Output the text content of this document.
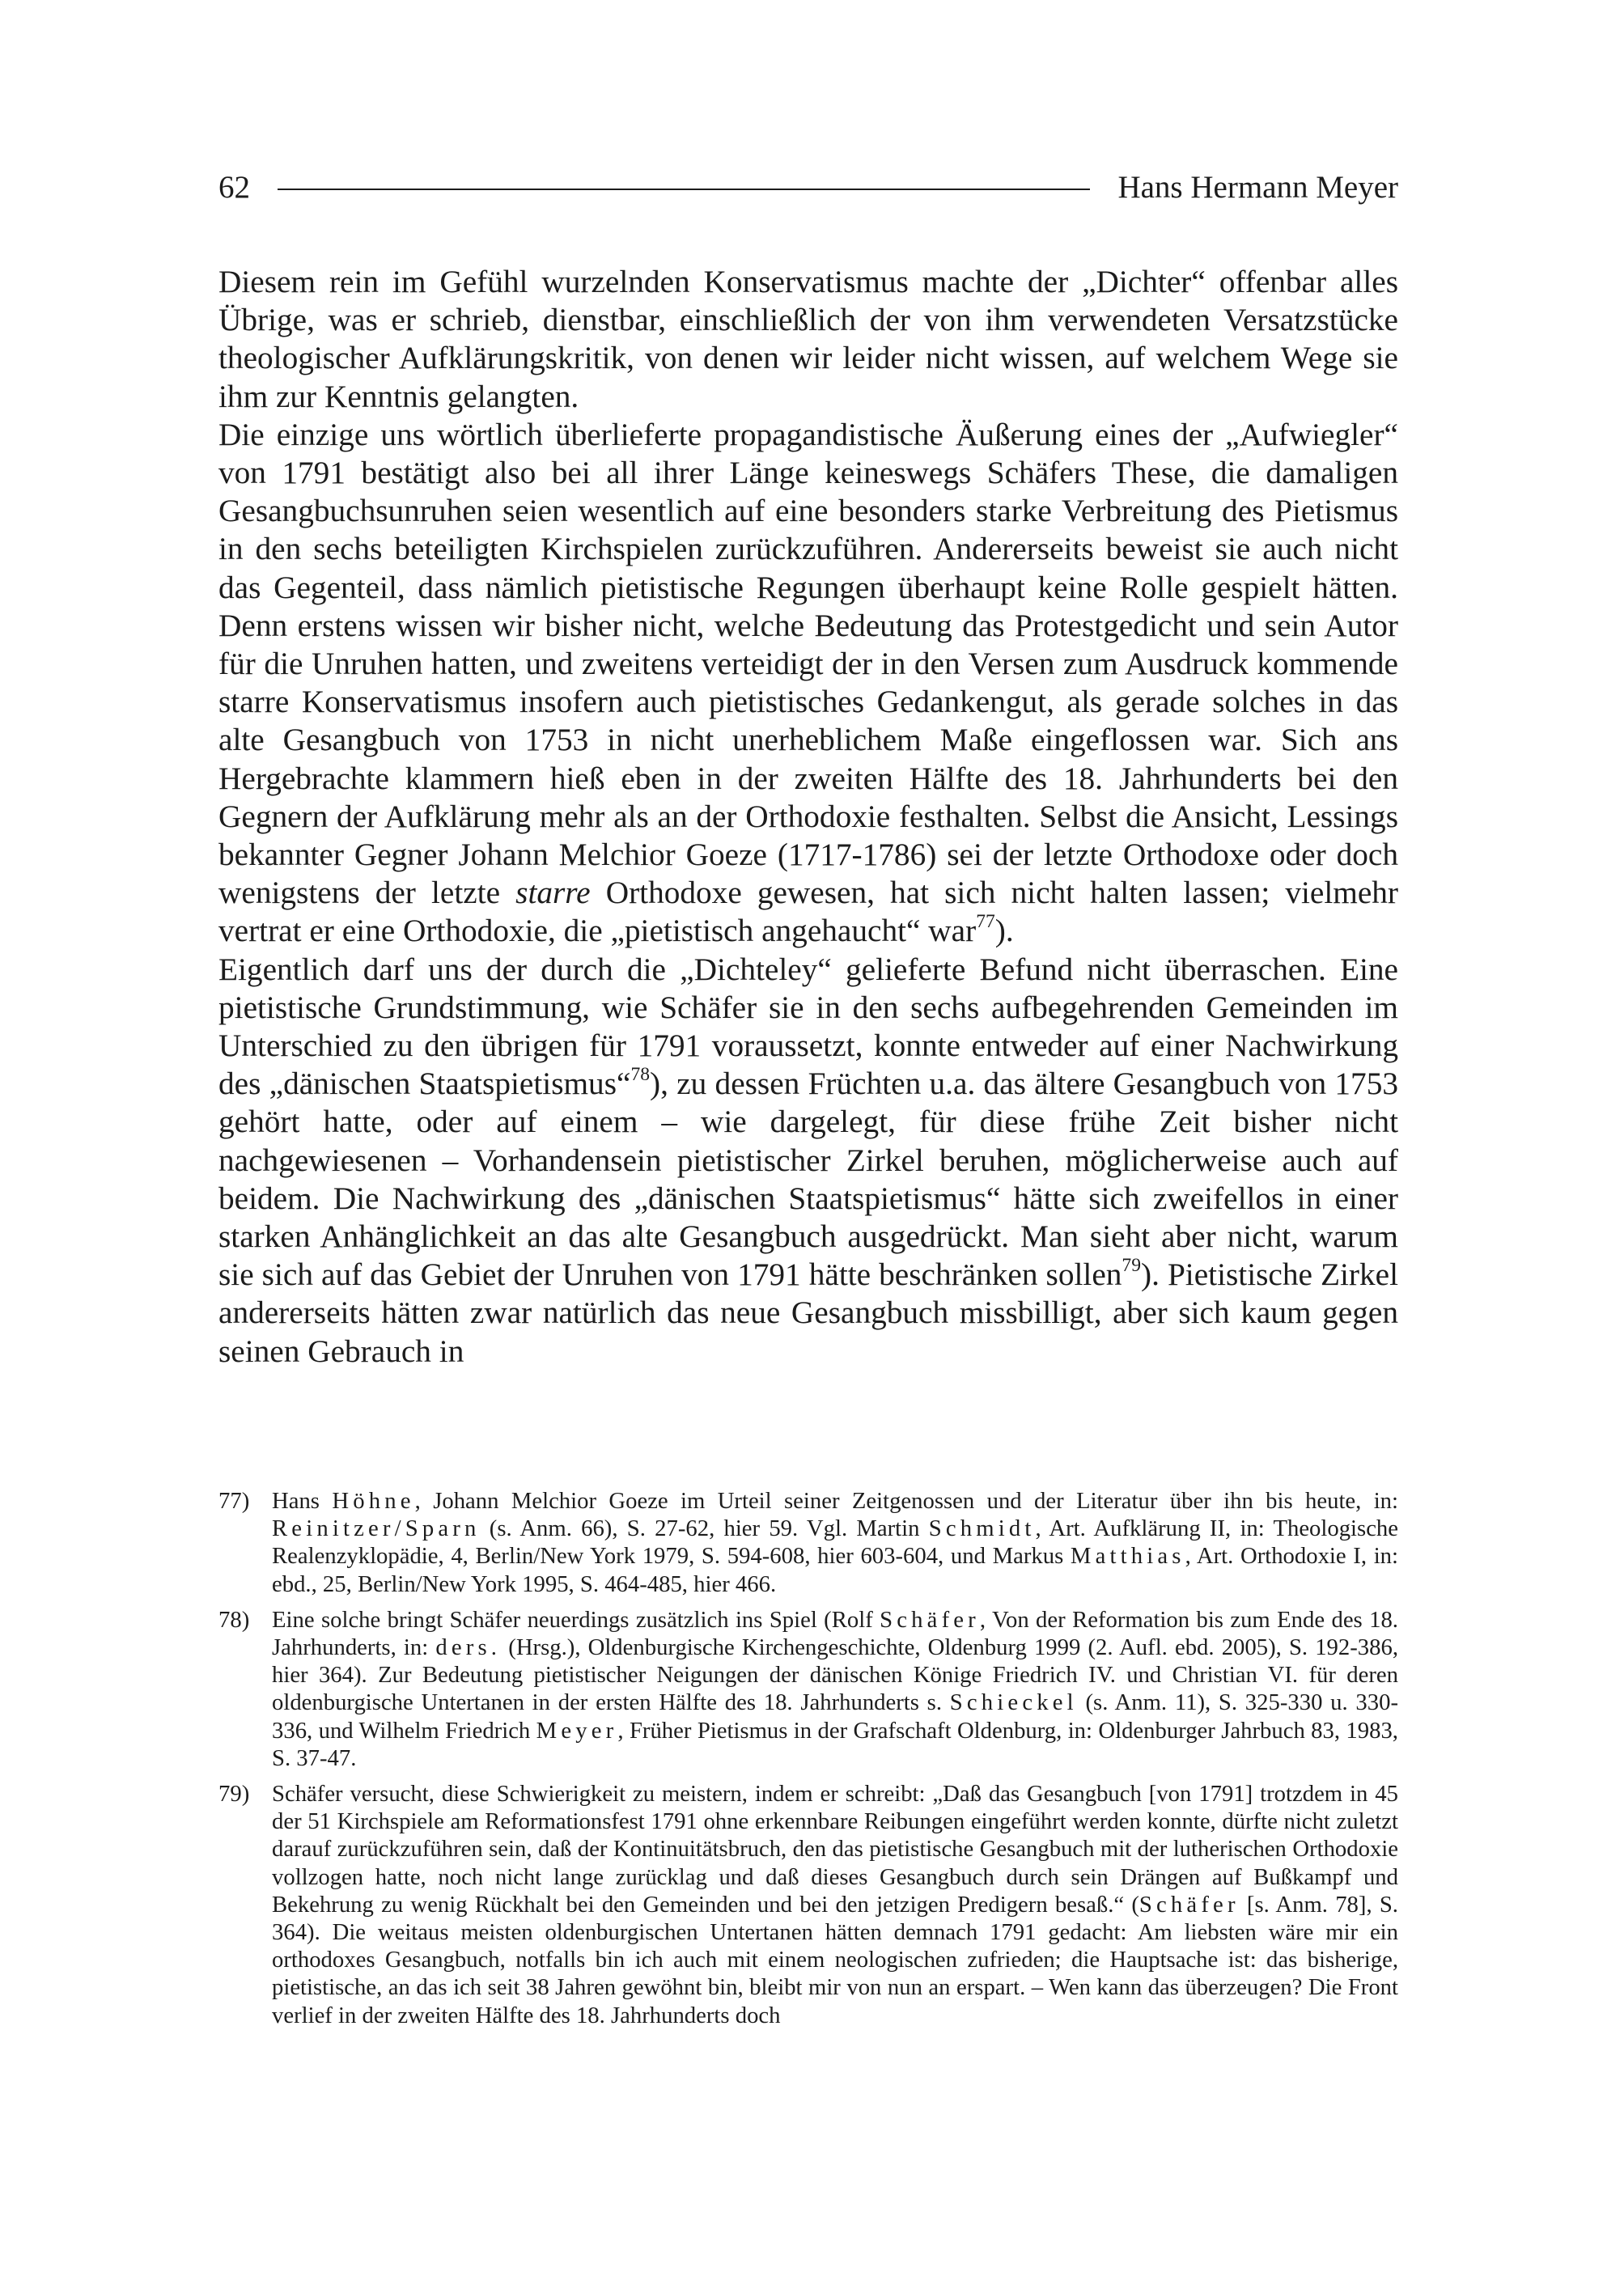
62	Hans Hermann Meyer

Diesem rein im Gefühl wurzelnden Konservatismus machte der „Dichter“ offenbar alles Übrige, was er schrieb, dienstbar, einschließlich der von ihm verwendeten Versatzstücke theologischer Aufklärungskritik, von denen wir leider nicht wissen, auf welchem Wege sie ihm zur Kenntnis gelangten.

Die einzige uns wörtlich überlieferte propagandistische Äußerung eines der „Aufwiegler“ von 1791 bestätigt also bei all ihrer Länge keineswegs Schäfers These, die damaligen Gesangbuchsunruhen seien wesentlich auf eine besonders starke Verbreitung des Pietismus in den sechs beteiligten Kirchspielen zurückzuführen. Andererseits beweist sie auch nicht das Gegenteil, dass nämlich pietistische Regungen überhaupt keine Rolle gespielt hätten. Denn erstens wissen wir bisher nicht, welche Bedeutung das Protestgedicht und sein Autor für die Unruhen hatten, und zweitens verteidigt der in den Versen zum Ausdruck kommende starre Konservatismus insofern auch pietistisches Gedankengut, als gerade solches in das alte Gesangbuch von 1753 in nicht unerheblichem Maße eingeflossen war. Sich ans Hergebrachte klammern hieß eben in der zweiten Hälfte des 18. Jahrhunderts bei den Gegnern der Aufklärung mehr als an der Orthodoxie festhalten. Selbst die Ansicht, Lessings bekannter Gegner Johann Melchior Goeze (1717-1786) sei der letzte Orthodoxe oder doch wenigstens der letzte starre Orthodoxe gewesen, hat sich nicht halten lassen; vielmehr vertrat er eine Orthodoxie, die „pietistisch angehaucht“ war$^{77}$).

Eigentlich darf uns der durch die „Dichteley“ gelieferte Befund nicht überraschen. Eine pietistische Grundstimmung, wie Schäfer sie in den sechs aufbegehrenden Gemeinden im Unterschied zu den übrigen für 1791 voraussetzt, konnte entweder auf einer Nachwirkung des „dänischen Staatspietismus“$^{78}$), zu dessen Früchten u.a. das ältere Gesangbuch von 1753 gehört hatte, oder auf einem – wie dargelegt, für diese frühe Zeit bisher nicht nachgewiesenen – Vorhandensein pietistischer Zirkel beruhen, möglicherweise auch auf beidem. Die Nachwirkung des „dänischen Staatspietismus“ hätte sich zweifellos in einer starken Anhänglichkeit an das alte Gesangbuch ausgedrückt. Man sieht aber nicht, warum sie sich auf das Gebiet der Unruhen von 1791 hätte beschränken sollen$^{79}$). Pietistische Zirkel andererseits hätten zwar natürlich das neue Gesangbuch missbilligt, aber sich kaum gegen seinen Gebrauch in

77) Hans Höhne, Johann Melchior Goeze im Urteil seiner Zeitgenossen und der Literatur über ihn bis heute, in: Reinitzer/Sparn (s. Anm. 66), S. 27-62, hier 59. Vgl. Martin Schmidt, Art. Aufklärung II, in: Theologische Realenzyklopädie, 4, Berlin/New York 1979, S. 594-608, hier 603-604, und Markus Matthias, Art. Orthodoxie I, in: ebd., 25, Berlin/New York 1995, S. 464-485, hier 466.
78) Eine solche bringt Schäfer neuerdings zusätzlich ins Spiel (Rolf Schäfer, Von der Reformation bis zum Ende des 18. Jahrhunderts, in: ders. (Hrsg.), Oldenburgische Kirchengeschichte, Oldenburg 1999 (2. Aufl. ebd. 2005), S. 192-386, hier 364). Zur Bedeutung pietistischer Neigungen der dänischen Könige Friedrich IV. und Christian VI. für deren oldenburgische Untertanen in der ersten Hälfte des 18. Jahrhunderts s. Schieckel (s. Anm. 11), S. 325-330 u. 330-336, und Wilhelm Friedrich Meyer, Früher Pietismus in der Grafschaft Oldenburg, in: Oldenburger Jahrbuch 83, 1983, S. 37-47.
79) Schäfer versucht, diese Schwierigkeit zu meistern, indem er schreibt: „Daß das Gesangbuch [von 1791] trotzdem in 45 der 51 Kirchspiele am Reformationsfest 1791 ohne erkennbare Reibungen eingeführt werden konnte, dürfte nicht zuletzt darauf zurückzuführen sein, daß der Kontinuitätsbruch, den das pietistische Gesangbuch mit der lutherischen Orthodoxie vollzogen hatte, noch nicht lange zurücklag und daß dieses Gesangbuch durch sein Drängen auf Bußkampf und Bekehrung zu wenig Rückhalt bei den Gemeinden und bei den jetzigen Predigern besaß.“ (Schäfer [s. Anm. 78], S. 364). Die weitaus meisten oldenburgischen Untertanen hätten demnach 1791 gedacht: Am liebsten wäre mir ein orthodoxes Gesangbuch, notfalls bin ich auch mit einem neologischen zufrieden; die Hauptsache ist: das bisherige, pietistische, an das ich seit 38 Jahren gewöhnt bin, bleibt mir von nun an erspart. – Wen kann das überzeugen? Die Front verlief in der zweiten Hälfte des 18. Jahrhunderts doch
